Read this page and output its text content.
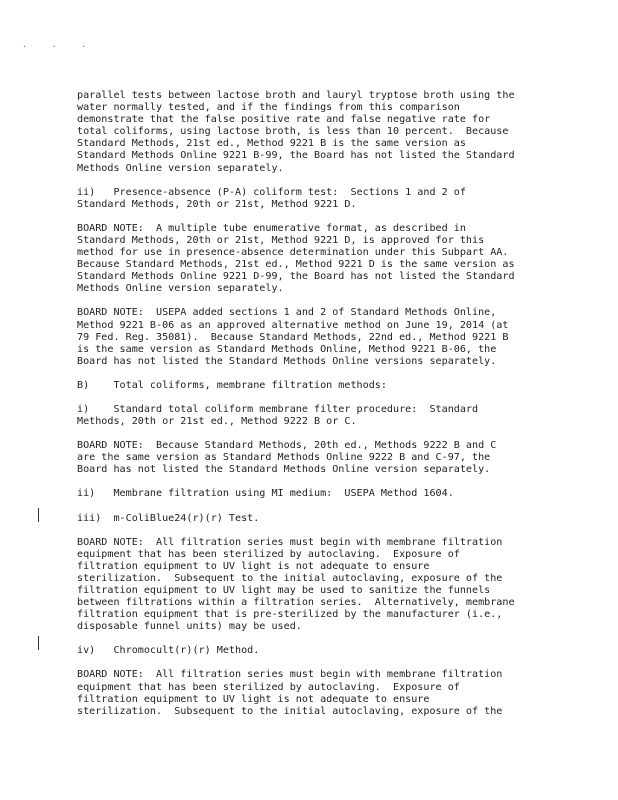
. . .
parallel tests between lactose broth and lauryl tryptose broth using the
water normally tested, and if the findings from this comparison
demonstrate that the false positive rate and false negative rate for
total coliforms, using lactose broth, is less than 10 percent.  Because
Standard Methods, 21st ed., Method 9221 B is the same version as
Standard Methods Online 9221 B-99, the Board has not listed the Standard
Methods Online version separately.
ii)   Presence-absence (P-A) coliform test:  Sections 1 and 2 of
Standard Methods, 20th or 21st, Method 9221 D.
BOARD NOTE:  A multiple tube enumerative format, as described in
Standard Methods, 20th or 21st, Method 9221 D, is approved for this
method for use in presence-absence determination under this Subpart AA.
Because Standard Methods, 21st ed., Method 9221 D is the same version as
Standard Methods Online 9221 D-99, the Board has not listed the Standard
Methods Online version separately.
BOARD NOTE:  USEPA added sections 1 and 2 of Standard Methods Online,
Method 9221 B-06 as an approved alternative method on June 19, 2014 (at
79 Fed. Reg. 35081).  Because Standard Methods, 22nd ed., Method 9221 B
is the same version as Standard Methods Online, Method 9221 B-06, the
Board has not listed the Standard Methods Online versions separately.
B)    Total coliforms, membrane filtration methods:
i)    Standard total coliform membrane filter procedure:  Standard
Methods, 20th or 21st ed., Method 9222 B or C.
BOARD NOTE:  Because Standard Methods, 20th ed., Methods 9222 B and C
are the same version as Standard Methods Online 9222 B and C-97, the
Board has not listed the Standard Methods Online version separately.
ii)   Membrane filtration using MI medium:  USEPA Method 1604.
iii)  m-ColiBlue24(r)(r) Test.
BOARD NOTE:  All filtration series must begin with membrane filtration
equipment that has been sterilized by autoclaving.  Exposure of
filtration equipment to UV light is not adequate to ensure
sterilization.  Subsequent to the initial autoclaving, exposure of the
filtration equipment to UV light may be used to sanitize the funnels
between filtrations within a filtration series.  Alternatively, membrane
filtration equipment that is pre-sterilized by the manufacturer (i.e.,
disposable funnel units) may be used.
iv)   Chromocult(r)(r) Method.
BOARD NOTE:  All filtration series must begin with membrane filtration
equipment that has been sterilized by autoclaving.  Exposure of
filtration equipment to UV light is not adequate to ensure
sterilization.  Subsequent to the initial autoclaving, exposure of the
